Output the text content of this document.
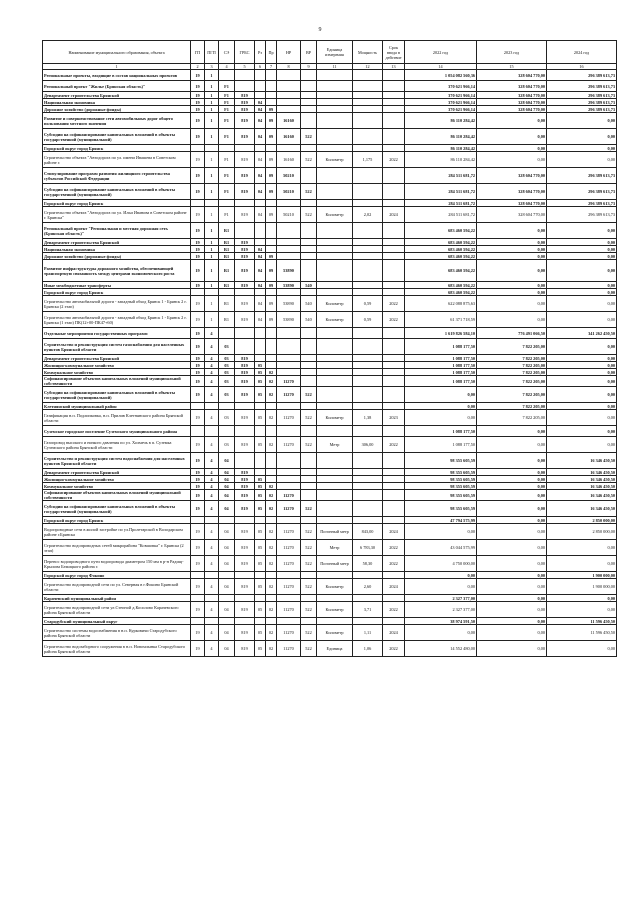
9
Наименование муниципального образования, объекта	ГП	ПГП	СЭ	ГРБС	Рз	Пр	НР	ВР	Единица измерения	Мощность	Срок ввода в действие	2022 год	2023 год	2024 год
1	2	3	4	5	6	7	8	9	11	12	13	14	15	16
Региональные проекты, входящие в состав национальных проектов	19	1										1 054 082 560,36	328 604 770,00	296 389 613,73
Региональный проект "Жилье (Брянская область)"	19	1	F1									370 621 966,14	328 604 770,00	296 389 613,73
Департамент строительства Брянской	19	1	F1	819								370 621 966,14	328 604 770,00	296 389 613,73
Национальная экономика	19	1	F1	819	04							370 621 966,14	328 604 770,00	296 389 613,73
Дорожное хозяйство (дорожные фонды)	19	1	F1	819	04	09						370 621 966,14	328 604 770,00	296 389 613,73
Развитие и совершенствование сети автомобильных дорог общего пользования местного значения	19	1	F1	819	04	09	16160					86 110 284,42	0,00	0,00
Субсидии на софинансирование капитальных вложений в объекты государственной (муниципальной)	19	1	F1	819	04	09	16160	522				86 110 284,42	0,00	0,00
Городской округ город Брянск												86 110 284,42	0,00	0,00
Строительство объекта "Автодорога по ул. имени Ивашева в Советском районе г.	19	1	F1	819	04	09	16160	522	Километр	1,175	2022	86 110 284,42	0,00	0,00
Стимулирование программ развития жилищного строительства субъектов Российской Федерации	19	1	F1	819	04	09	50210					284 511 681,72	328 604 770,00	296 389 613,73
Субсидии на софинансирование капитальных вложений в объекты государственной (муниципальной)	19	1	F1	819	04	09	50210	522				284 511 681,72	328 604 770,00	296 389 613,73
Городской округ город Брянск												284 511 681,72	328 604 770,00	296 389 613,73
Строительство объекта "Автодорога по ул. Ильи Иванова в Советском районе г. Брянска"	19	1	F1	819	04	09	50210	522	Километр	2,02	2024	284 511 681,72	328 604 770,00	296 389 613,73
Региональный проект "Региональная и местная дорожная сеть (Брянская область)"	19	1	R1									683 460 594,22	0,00	0,00
Департамент строительства Брянской	19	1	R1	819								683 460 594,22	0,00	0,00
Национальная экономика	19	1	R1	819	04							683 460 594,22	0,00	0,00
Дорожное хозяйство (дорожные фонды)	19	1	R1	819	04	09						683 460 594,22	0,00	0,00
Развитие инфраструктуры дорожного хозяйства, обеспечивающей транспортную связанность между центрами экономического роста	19	1	R1	819	04	09	53890					683 460 594,22	0,00	0,00
Иные межбюджетные трансферты	19	1	R1	819	04	09	53890	540				683 460 594,22	0,00	0,00
Городской округ город Брянск												683 460 594,22	0,00	0,00
Строительство автомобильной дороги - западный обход Брянск 1 - Брянск 2 г. Брянска (2 этап)	19	1	R1	819	04	09	53890	540	Километр	0,59	2022	622 088 875,63	0,00	0,00
Строительство автомобильной дороги - западный обход Брянск 1 - Брянск 2 г. Брянска (1 этап) ПК(12+00-ПК47+60)	19	1	R1	819	04	09	53890	540	Километр	0,59	2022	61 371 718,59	0,00	0,00
Отдельные мероприятия государственных программ	19	4										1 619 826 584,10	776 491 066,50	341 262 450,50
Строительство и реконструкция систем газоснабжения для населенных пунктов Брянской области	19	4	03									1 088 177,50	7 822 205,00	0,00
Департамент строительства Брянской	19	4	03	819								1 088 177,50	7 822 205,00	0,00
Жилищно-коммунальное хозяйство	19	4	03	819	05							1 088 177,50	7 822 205,00	0,00
Коммунальное хозяйство	19	4	03	819	05	02						1 088 177,50	7 822 205,00	0,00
Софинансирование объектов капитальных вложений муниципальной собственности	19	4	03	819	05	02	11270					1 088 177,50	7 822 205,00	0,00
Субсидии на софинансирование капитальных вложений в объекты государственной (муниципальной)	19	4	03	819	05	02	11270	522				0,00	7 822 205,00	0,00
Клетнянский муниципальный район												0,00	7 822 205,00	0,00
Газификация н.п. Подлипковка, н.п. Прилив Клетнянского района Брянской области	19	4	03	819	05	02	11270	522	Километр	1,38	2023	0,00	7 822 205,00	0,00
Суземское городское поселение Суземского муниципального района												1 088 177,50	0,00	0,00
Газопровод высокого и низкого давления по ул. Холмечь в п. Суземка Суземского района Брянской области	19	4	03	819	05	02	11270	522	Метр	306,00	2022	1 088 177,50	0,00	0,00
Строительство и реконструкция систем водоснабжения для населенных пунктов Брянской области	19	4	04									98 355 605,59	0,00	16 346 450,50
Департамент строительства Брянской	19	4	04	819								98 355 605,59	0,00	16 346 450,50
Жилищно-коммунальное хозяйство	19	4	04	819	05							98 355 605,59	0,00	16 346 450,50
Коммунальное хозяйство	19	4	04	819	05	02						98 355 605,59	0,00	16 346 450,50
Софинансирование объектов капитальных вложений муниципальной собственности	19	4	04	819	05	02	11270					98 355 605,59	0,00	16 346 450,50
Субсидии на софинансирование капитальных вложений в объекты государственной (муниципальной)	19	4	04	819	05	02	11270	522				98 355 605,59	0,00	16 346 450,50
Городской округ город Брянск												47 794 575,99	0,00	2 850 000,00
Водопроводные сети в жилой застройке по ул.Пролетарской в Володарском районе г.Брянска	19	4	04	819	05	02	11270	522	Погонный метр	843,00	2024	0,00	0,00	2 850 000,00
Строительство водопроводных сетей микрорайона "Ковшовка" г. Брянска (2 этап)	19	4	04	819	05	02	11270	522	Метр	6 783,30	2022	43 044 575,99	0,00	0,00
Перенос водопроводного пути водопровода диаметром 150 мм в р-н Радищ-Крылова Бежицкого района г.	19	4	04	819	05	02	11270	522	Погонный метр	58,30	2022	4 750 000,00	0,00	0,00
Городской округ город Фокино												0,00	0,00	1 900 000,00
Строительство водопроводной сети по ул. Северная в г.Фокино Брянской области	19	4	04	819	05	02	11270	522	Километр	2,60	2024	0,00	0,00	1 900 000,00
Карачевский муниципальный район												2 327 377,00	0,00	0,00
Строительство водопроводной сети ул.Степной д.Косилово Карачевского района Брянской области	19	4	04	819	05	02	11270	522	Километр	3,71	2022	2 327 377,00	0,00	0,00
Стародубский муниципальный округ												38 974 591,50	0,00	11 596 450,50
Строительство системы водоснабжения в н.п. Курковичи Стародубского района Брянской области	19	4	04	819	05	02	11270	522	Километр	1,11	2024	0,00	0,00	11 596 450,50
Строительство водозаборного сооружения в н.п. Новомлынка Стародубского района Брянской области	19	4	04	819	05	02	11270	522	Единица	1,06	2022	14 552 480,00	0,00	0,00
